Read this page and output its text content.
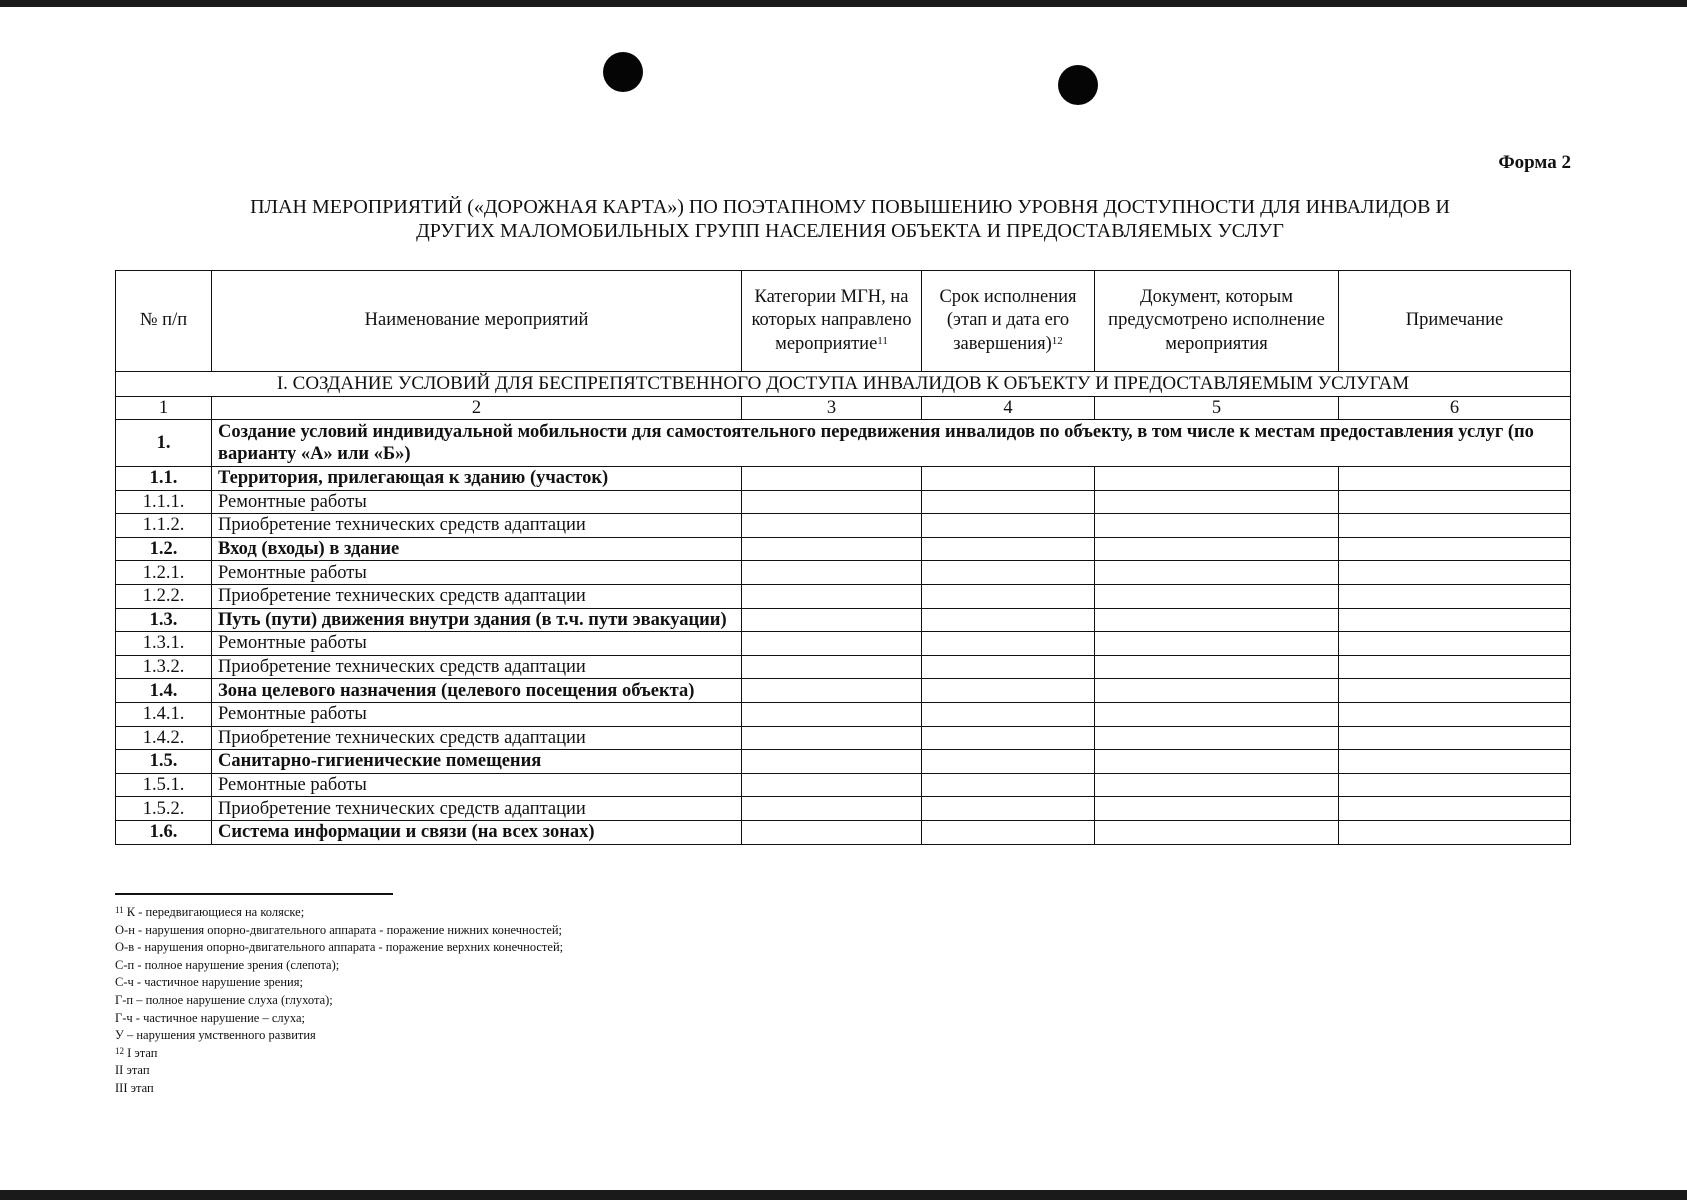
Форма 2
ПЛАН МЕРОПРИЯТИЙ («ДОРОЖНАЯ КАРТА») ПО ПОЭТАПНОМУ ПОВЫШЕНИЮ УРОВНЯ ДОСТУПНОСТИ ДЛЯ ИНВАЛИДОВ И
ДРУГИХ МАЛОМОБИЛЬНЫХ ГРУПП НАСЕЛЕНИЯ ОБЪЕКТА И ПРЕДОСТАВЛЯЕМЫХ УСЛУГ
№ п/п	Наименование мероприятий	Категории МГН, на которых направлено мероприятие$^{11}$	Срок исполнения (этап и дата его завершения)$^{12}$	Документ, которым предусмотрено исполнение мероприятия	Примечание
I. СОЗДАНИЕ УСЛОВИЙ ДЛЯ БЕСПРЕПЯТСТВЕННОГО ДОСТУПА ИНВАЛИДОВ К ОБЪЕКТУ И ПРЕДОСТАВЛЯЕМЫМ УСЛУГАМ					
1	2	3	4	5	6
1.	Создание условий индивидуальной мобильности для самостоятельного передвижения инвалидов по объекту, в том числе к местам предоставления услуг (по варианту «А» или «Б»)				
1.1.	Территория, прилегающая к зданию (участок)				
1.1.1.	Ремонтные работы				
1.1.2.	Приобретение технических средств адаптации				
1.2.	Вход (входы) в здание				
1.2.1.	Ремонтные работы				
1.2.2.	Приобретение технических средств адаптации				
1.3.	Путь (пути) движения внутри здания (в т.ч. пути эвакуации)				
1.3.1.	Ремонтные работы				
1.3.2.	Приобретение технических средств адаптации				
1.4.	Зона целевого назначения (целевого посещения объекта)				
1.4.1.	Ремонтные работы				
1.4.2.	Приобретение технических средств адаптации				
1.5.	Санитарно-гигиенические помещения				
1.5.1.	Ремонтные работы				
1.5.2.	Приобретение технических средств адаптации				
1.6.	Система информации и связи (на всех зонах)				
$^{11}$ К - передвигающиеся на коляске;
О-н - нарушения опорно-двигательного аппарата - поражение нижних конечностей;
О-в - нарушения опорно-двигательного аппарата - поражение верхних конечностей;
С-п - полное нарушение зрения (слепота);
С-ч - частичное нарушение зрения;
Г-п – полное нарушение слуха (глухота);
Г-ч - частичное нарушение – слуха;
У – нарушения умственного развития
$^{12}$ I этап
II этап
III этап
